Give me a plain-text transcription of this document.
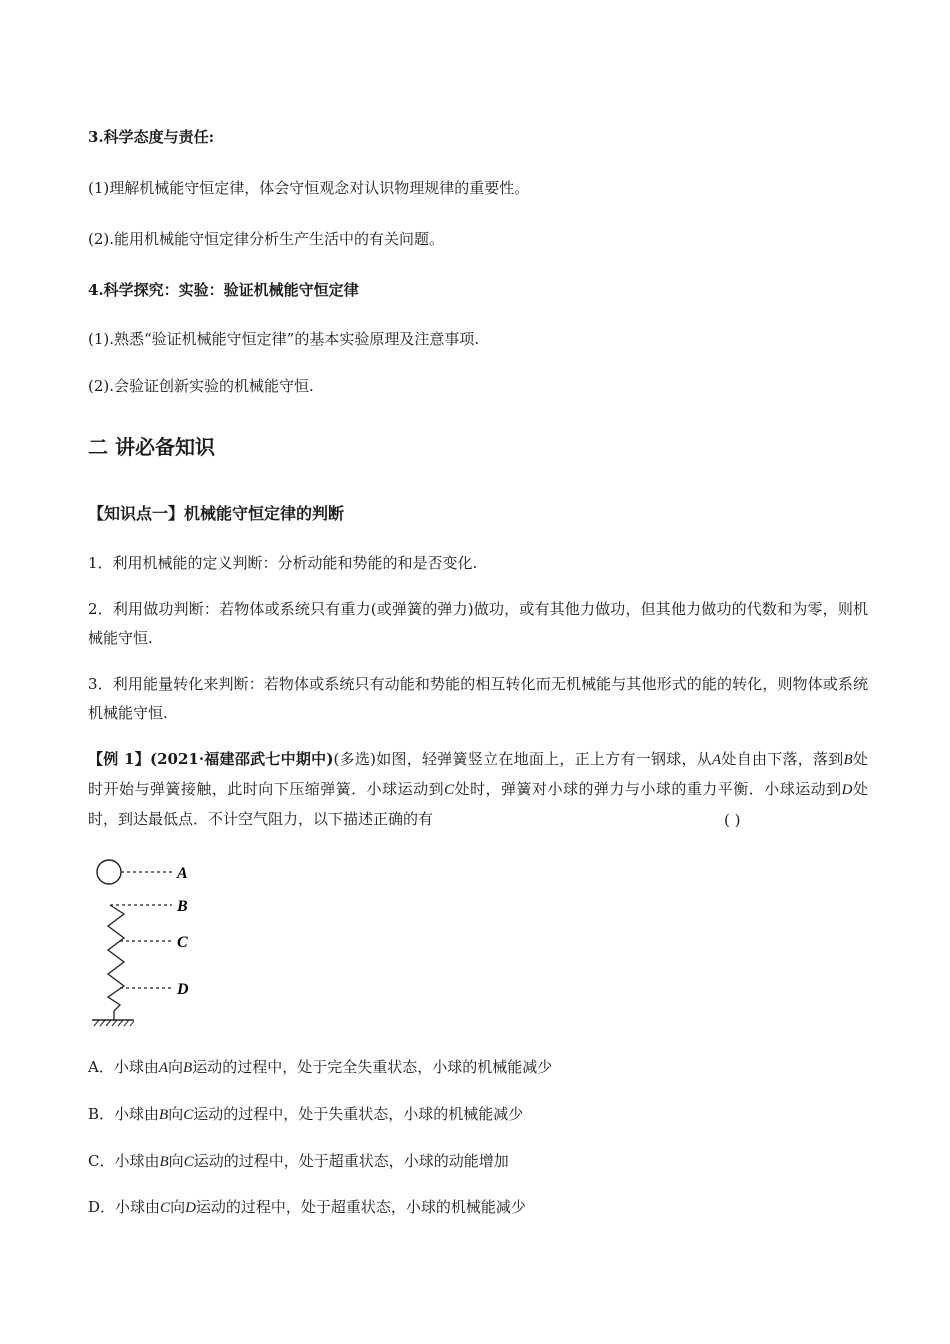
3.科学态度与责任:

(1)理解机械能守恒定律，体会守恒观念对认识物理规律的重要性。

(2).能用机械能守恒定律分析生产生活中的有关问题。

4.科学探究：实验：验证机械能守恒定律

(1).熟悉“验证机械能守恒定律”的基本实验原理及注意事项.

(2).会验证创新实验的机械能守恒.

二 讲必备知识

【知识点一】机械能守恒定律的判断

1．利用机械能的定义判断：分析动能和势能的和是否变化.

2．利用做功判断：若物体或系统只有重力(或弹簧的弹力)做功，或有其他力做功，但其他力做功的代数和为零，则机械能守恒.

3．利用能量转化来判断：若物体或系统只有动能和势能的相互转化而无机械能与其他形式的能的转化，则物体或系统机械能守恒.

【例 1】(2021·福建邵武七中期中)(多选)如图，轻弹簧竖立在地面上，正上方有一钢球，从A处自由下落，落到B处时开始与弹簧接触，此时向下压缩弹簧．小球运动到C处时，弹簧对小球的弹力与小球的重力平衡．小球运动到D处时，到达最低点．不计空气阻力，以下描述正确的有	( )
A
B
C
D

A．小球由A向B运动的过程中，处于完全失重状态，小球的机械能减少

B．小球由B向C运动的过程中，处于失重状态，小球的机械能减少

C．小球由B向C运动的过程中，处于超重状态，小球的动能增加

D．小球由C向D运动的过程中，处于超重状态，小球的机械能减少
